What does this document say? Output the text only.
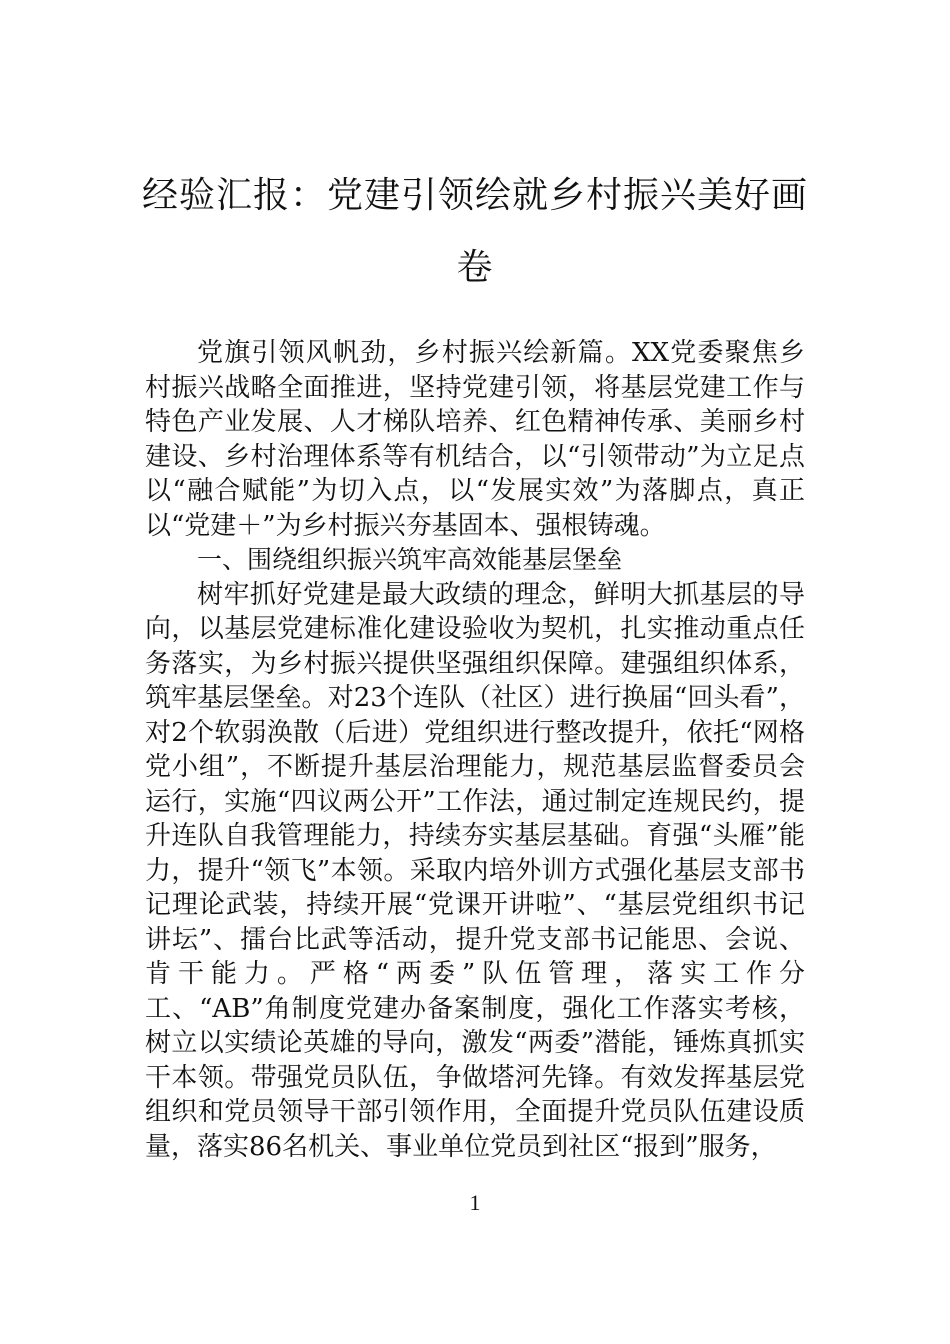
经验汇报：党建引领绘就乡村振兴美好画卷

党旗引领风帆劲，乡村振兴绘新篇。XX党委聚焦乡村振兴战略全面推进，坚持党建引领，将基层党建工作与特色产业发展、人才梯队培养、红色精神传承、美丽乡村建设、乡村治理体系等有机结合，以“引领带动”为立足点以“融合赋能”为切入点，以“发展实效”为落脚点，真正以“党建＋”为乡村振兴夯基固本、强根铸魂。

一、围绕组织振兴筑牢高效能基层堡垒

树牢抓好党建是最大政绩的理念，鲜明大抓基层的导向，以基层党建标准化建设验收为契机，扎实推动重点任务落实，为乡村振兴提供坚强组织保障。建强组织体系，筑牢基层堡垒。对23个连队（社区）进行换届“回头看”，对2个软弱涣散（后进）党组织进行整改提升，依托“网格党小组”，不断提升基层治理能力，规范基层监督委员会运行，实施“四议两公开”工作法，通过制定连规民约，提升连队自我管理能力，持续夯实基层基础。育强“头雁”能力，提升“领飞”本领。采取内培外训方式强化基层支部书记理论武装，持续开展“党课开讲啦”、“基层党组织书记讲坛”、擂台比武等活动，提升党支部书记能思、会说、肯干能力。严格“两委”队伍管理，落实工作分工、“AB”角制度党建办备案制度，强化工作落实考核，树立以实绩论英雄的导向，激发“两委”潜能，锤炼真抓实干本领。带强党员队伍，争做塔河先锋。有效发挥基层党组织和党员领导干部引领作用，全面提升党员队伍建设质量，落实86名机关、事业单位党员到社区“报到”服务，

1
